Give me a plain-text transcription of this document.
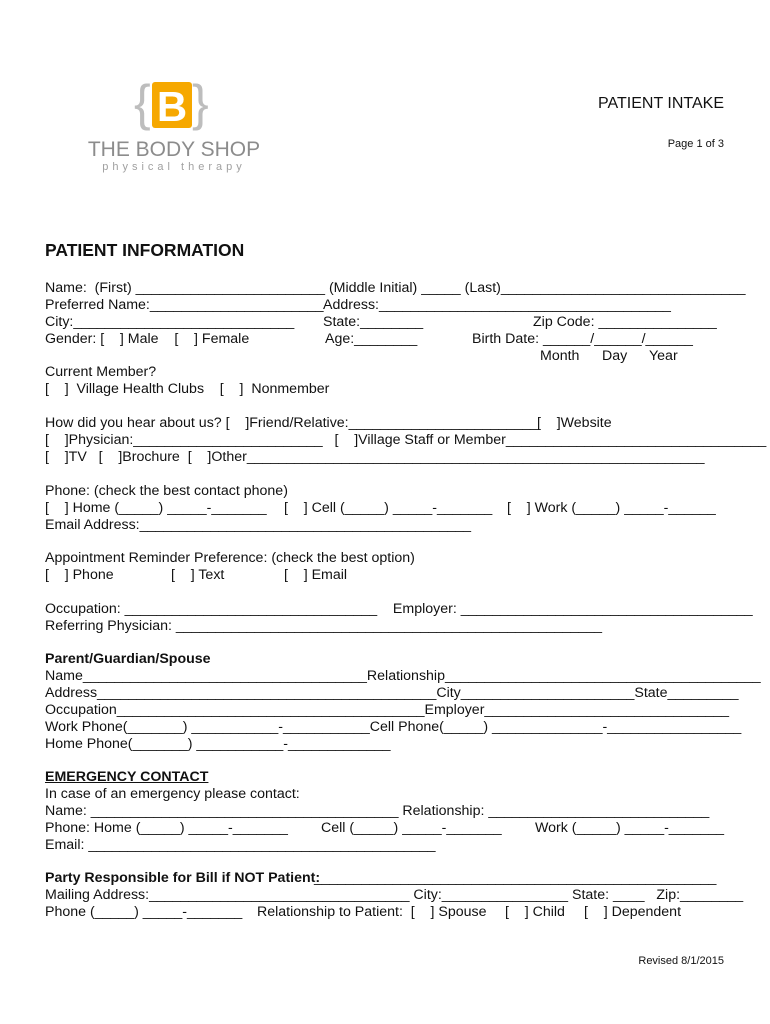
{ B }
THE BODY SHOP
physical therapy
PATIENT INTAKE
Page 1 of 3
PATIENT INFORMATION
Name:  (First) ________________________ (Middle Initial) _____ (Last)_______________________________
Preferred Name:______________________ Address:_____________________________________
City:____________________________ State:________	Zip Code: _______________
Gender: [    ] Male    [    ] Female	Age:________	Birth Date: ______/______/______
Month Day Year
Current Member?
[    ]  Village Health Clubs    [    ]  Nonmember
How did you hear about us? [    ]Friend/Relative:________________________ [    ]Website
[    ]Physician:________________________   [    ]Village Staff or Member_________________________________
[    ]TV   [    ]Brochure  [    ]Other__________________________________________________________
Phone: (check the best contact phone)
[    ] Home (_____) _____-_______ [    ] Cell (_____) _____-_______ [    ] Work (_____) _____-______
Email Address:__________________________________________
Appointment Reminder Preference: (check the best option)
[    ] Phone	[    ] Text	[    ] Email
Occupation: ________________________________    Employer: _____________________________________
Referring Physician: ______________________________________________________
Parent/Guardian/Spouse
Name____________________________________Relationship________________________________________
Address___________________________________________City______________________State_________
Occupation_______________________________________Employer_______________________________
Work Phone(_______) ___________-___________Cell Phone(_____) ______________-_________________
Home Phone(_______) ___________-_____________
EMERGENCY CONTACT
In case of an emergency please contact:
Name: _______________________________________ Relationship: ____________________________
Phone: Home (_____) _____-_______ Cell (_____) _____-_______ Work (_____) _____-_______
Email: ____________________________________________
Party Responsible for Bill if NOT Patient:
___________________________________________________
Mailing Address:_________________________________ City:________________ State: ____   Zip:________
Phone (_____) _____-_______ Relationship to Patient:  [    ] Spouse [    ] Child [    ] Dependent
Revised 8/1/2015
